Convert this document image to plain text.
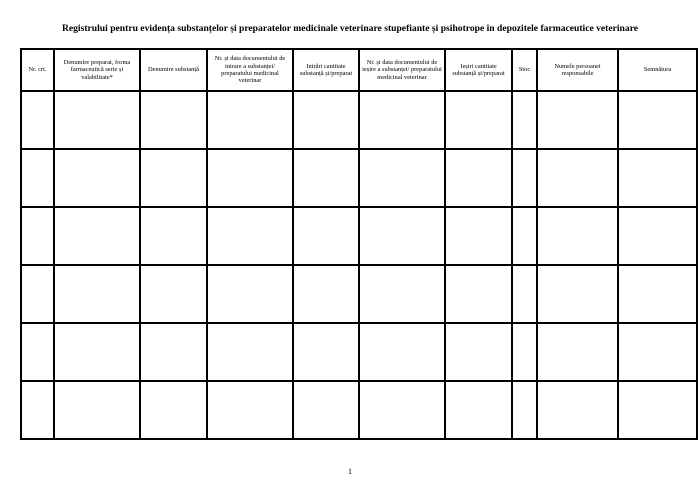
Registrului pentru evidența substanțelor și preparatelor medicinale veterinare stupefiante și psihotrope în depozitele farmaceutice veterinare
Nr. crt.	Denumire preparat, forma farmaceutică serie și valabilitate*	Denumire substanță	Nr. și data documentului de intrare a substanței/ preparatului medicinal veterinar	Intrări cantitate substanță și/preparat	Nr. și data documentului de ieșire a substanței/ preparatului medicinal veterinar	Ieșiri cantitate substanță și/preparat	Stoc	Numele persoanei responsabile	Semnătura

1
